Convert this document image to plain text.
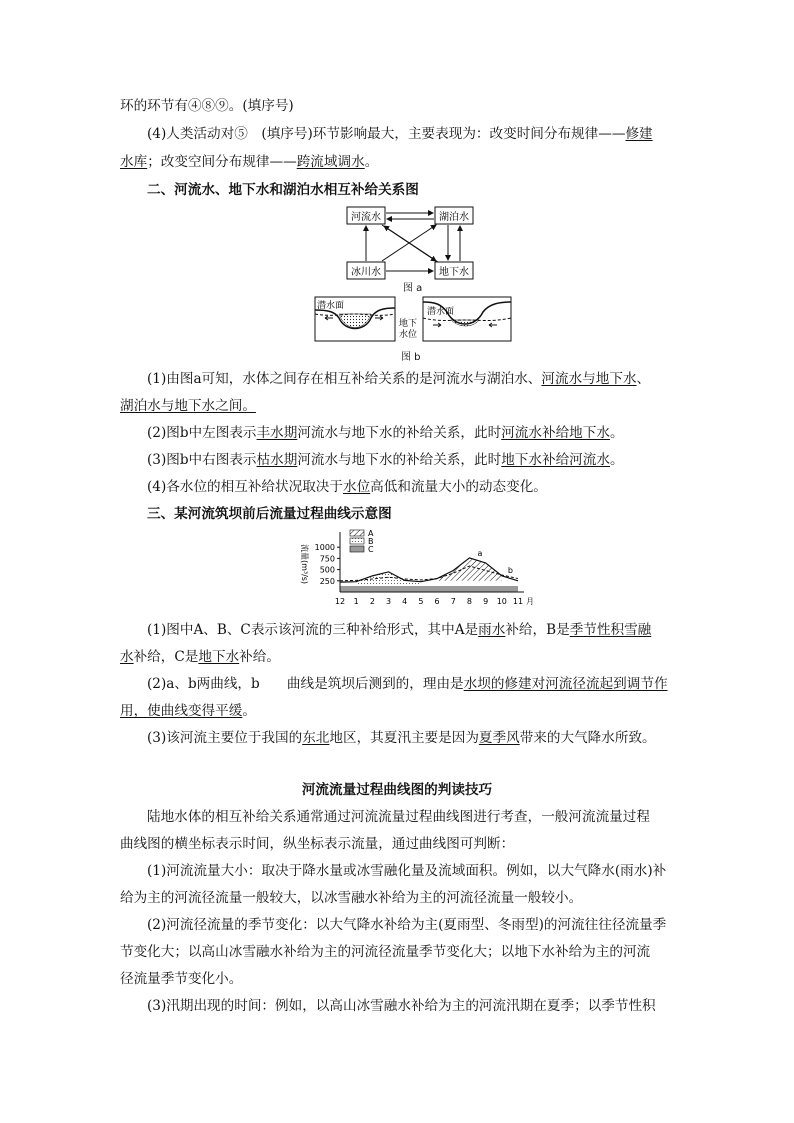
环的环节有④⑧⑨。(填序号)
(4)人类活动对⑤　(填序号)环节影响最大，主要表现为：改变时间分布规律——修建
水库；改变空间分布规律——跨流域调水。
二、河流水、地下水和湖泊水相互补给关系图
河流水	湖泊水
冰川水	地下水
图 a
潜水面
地下
水位
潜水面
图 b
(1)由图a可知，水体之间存在相互补给关系的是河流水与湖泊水、河流水与地下水、
湖泊水与地下水之间。
(2)图b中左图表示丰水期河流水与地下水的补给关系，此时河流水补给地下水。
(3)图b中右图表示枯水期河流水与地下水的补给关系，此时地下水补给河流水。
(4)各水位的相互补给状况取决于水位高低和流量大小的动态变化。
三、某河流筑坝前后流量过程曲线示意图
250
500
750
1000
12 1 2 3 4 5 6 7 8 9 10 11 月
流量(m³/s)	a
b
A
B
C
(1)图中A、B、C表示该河流的三种补给形式，其中A是雨水补给，B是季节性积雪融
水补给，C是地下水补给。
(2)a、b两曲线，b　　曲线是筑坝后测到的，理由是水坝的修建对河流径流起到调节作
用，使曲线变得平缓。
(3)该河流主要位于我国的东北地区，其夏汛主要是因为夏季风带来的大气降水所致。
河流流量过程曲线图的判读技巧
陆地水体的相互补给关系通常通过河流流量过程曲线图进行考查，一般河流流量过程
曲线图的横坐标表示时间，纵坐标表示流量，通过曲线图可判断：
(1)河流流量大小：取决于降水量或冰雪融化量及流域面积。例如，以大气降水(雨水)补
给为主的河流径流量一般较大，以冰雪融水补给为主的河流径流量一般较小。
(2)河流径流量的季节变化：以大气降水补给为主(夏雨型、冬雨型)的河流往往径流量季
节变化大；以高山冰雪融水补给为主的河流径流量季节变化大；以地下水补给为主的河流
径流量季节变化小。
(3)汛期出现的时间：例如，以高山冰雪融水补给为主的河流汛期在夏季；以季节性积
